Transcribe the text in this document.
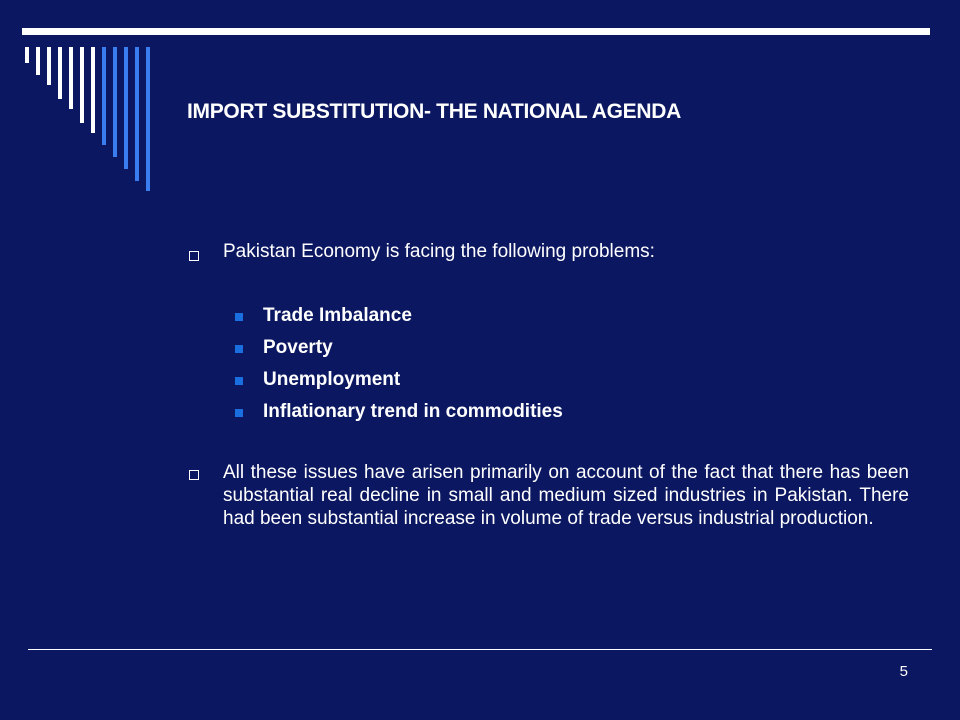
IMPORT SUBSTITUTION- THE NATIONAL AGENDA
Pakistan Economy is facing the following problems:
Trade Imbalance
Poverty
Unemployment
Inflationary trend in commodities

All these issues have arisen primarily on account of the fact that there has been substantial real decline in small and medium sized industries in Pakistan. There had been substantial increase in volume of trade versus industrial production.

5
